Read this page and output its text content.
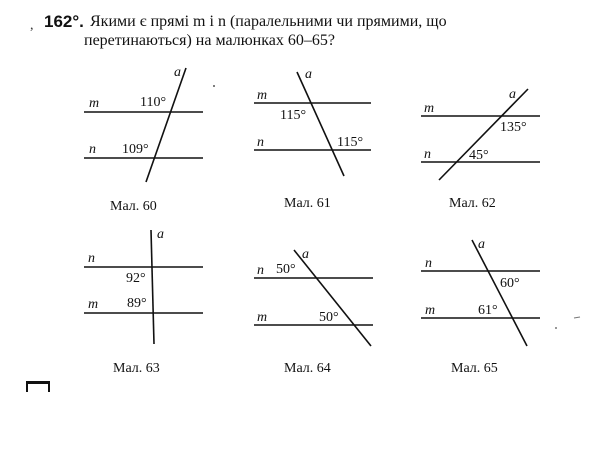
, 162°. Якими є прямі m і n (паралельними чи прямими, що
перетинаються) на малюнках 60–65?
m
n
a
110°
109°
Мал. 60
m
n
a
115°
115°
Мал. 61
m
n
a
135°
45°
Мал. 62
n
m
a
92°
89°
Мал. 63
n
m
a
50°
50°
Мал. 64
n
m
a
60°
61°
Мал. 65
